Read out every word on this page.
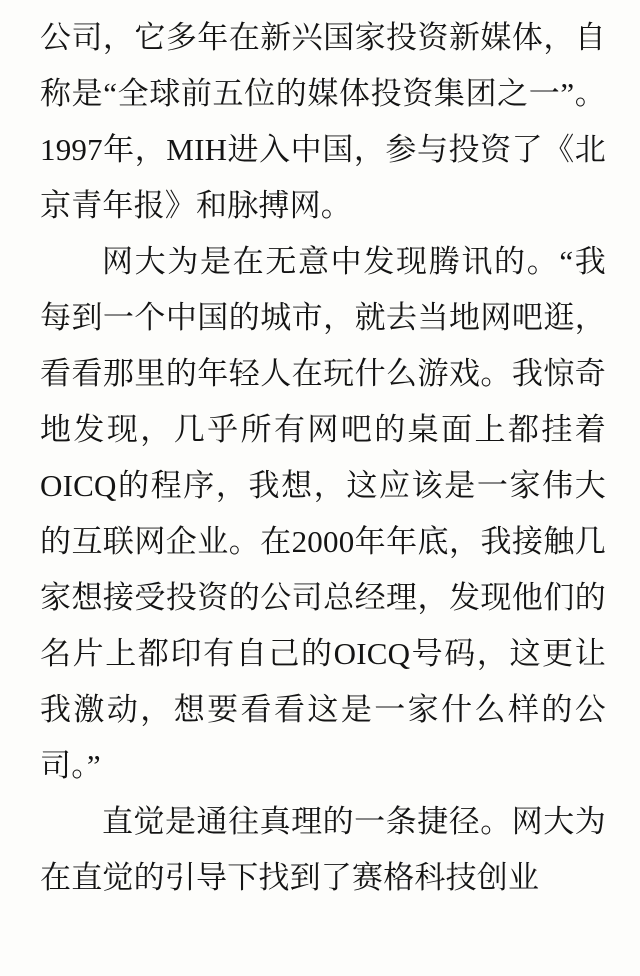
公司，它多年在新兴国家投资新媒体，自称是“全球前五位的媒体投资集团之一”。1997年，MIH进入中国，参与投资了《北京青年报》和脉搏网。

网大为是在无意中发现腾讯的。“我每到一个中国的城市，就去当地网吧逛，看看那里的年轻人在玩什么游戏。我惊奇地发现，几乎所有网吧的桌面上都挂着OICQ的程序，我想，这应该是一家伟大的互联网企业。在2000年年底，我接触几家想接受投资的公司总经理，发现他们的名片上都印有自己的OICQ号码，这更让我激动，想要看看这是一家什么样的公司。”

直觉是通往真理的一条捷径。网大为在直觉的引导下找到了赛格科技创业
